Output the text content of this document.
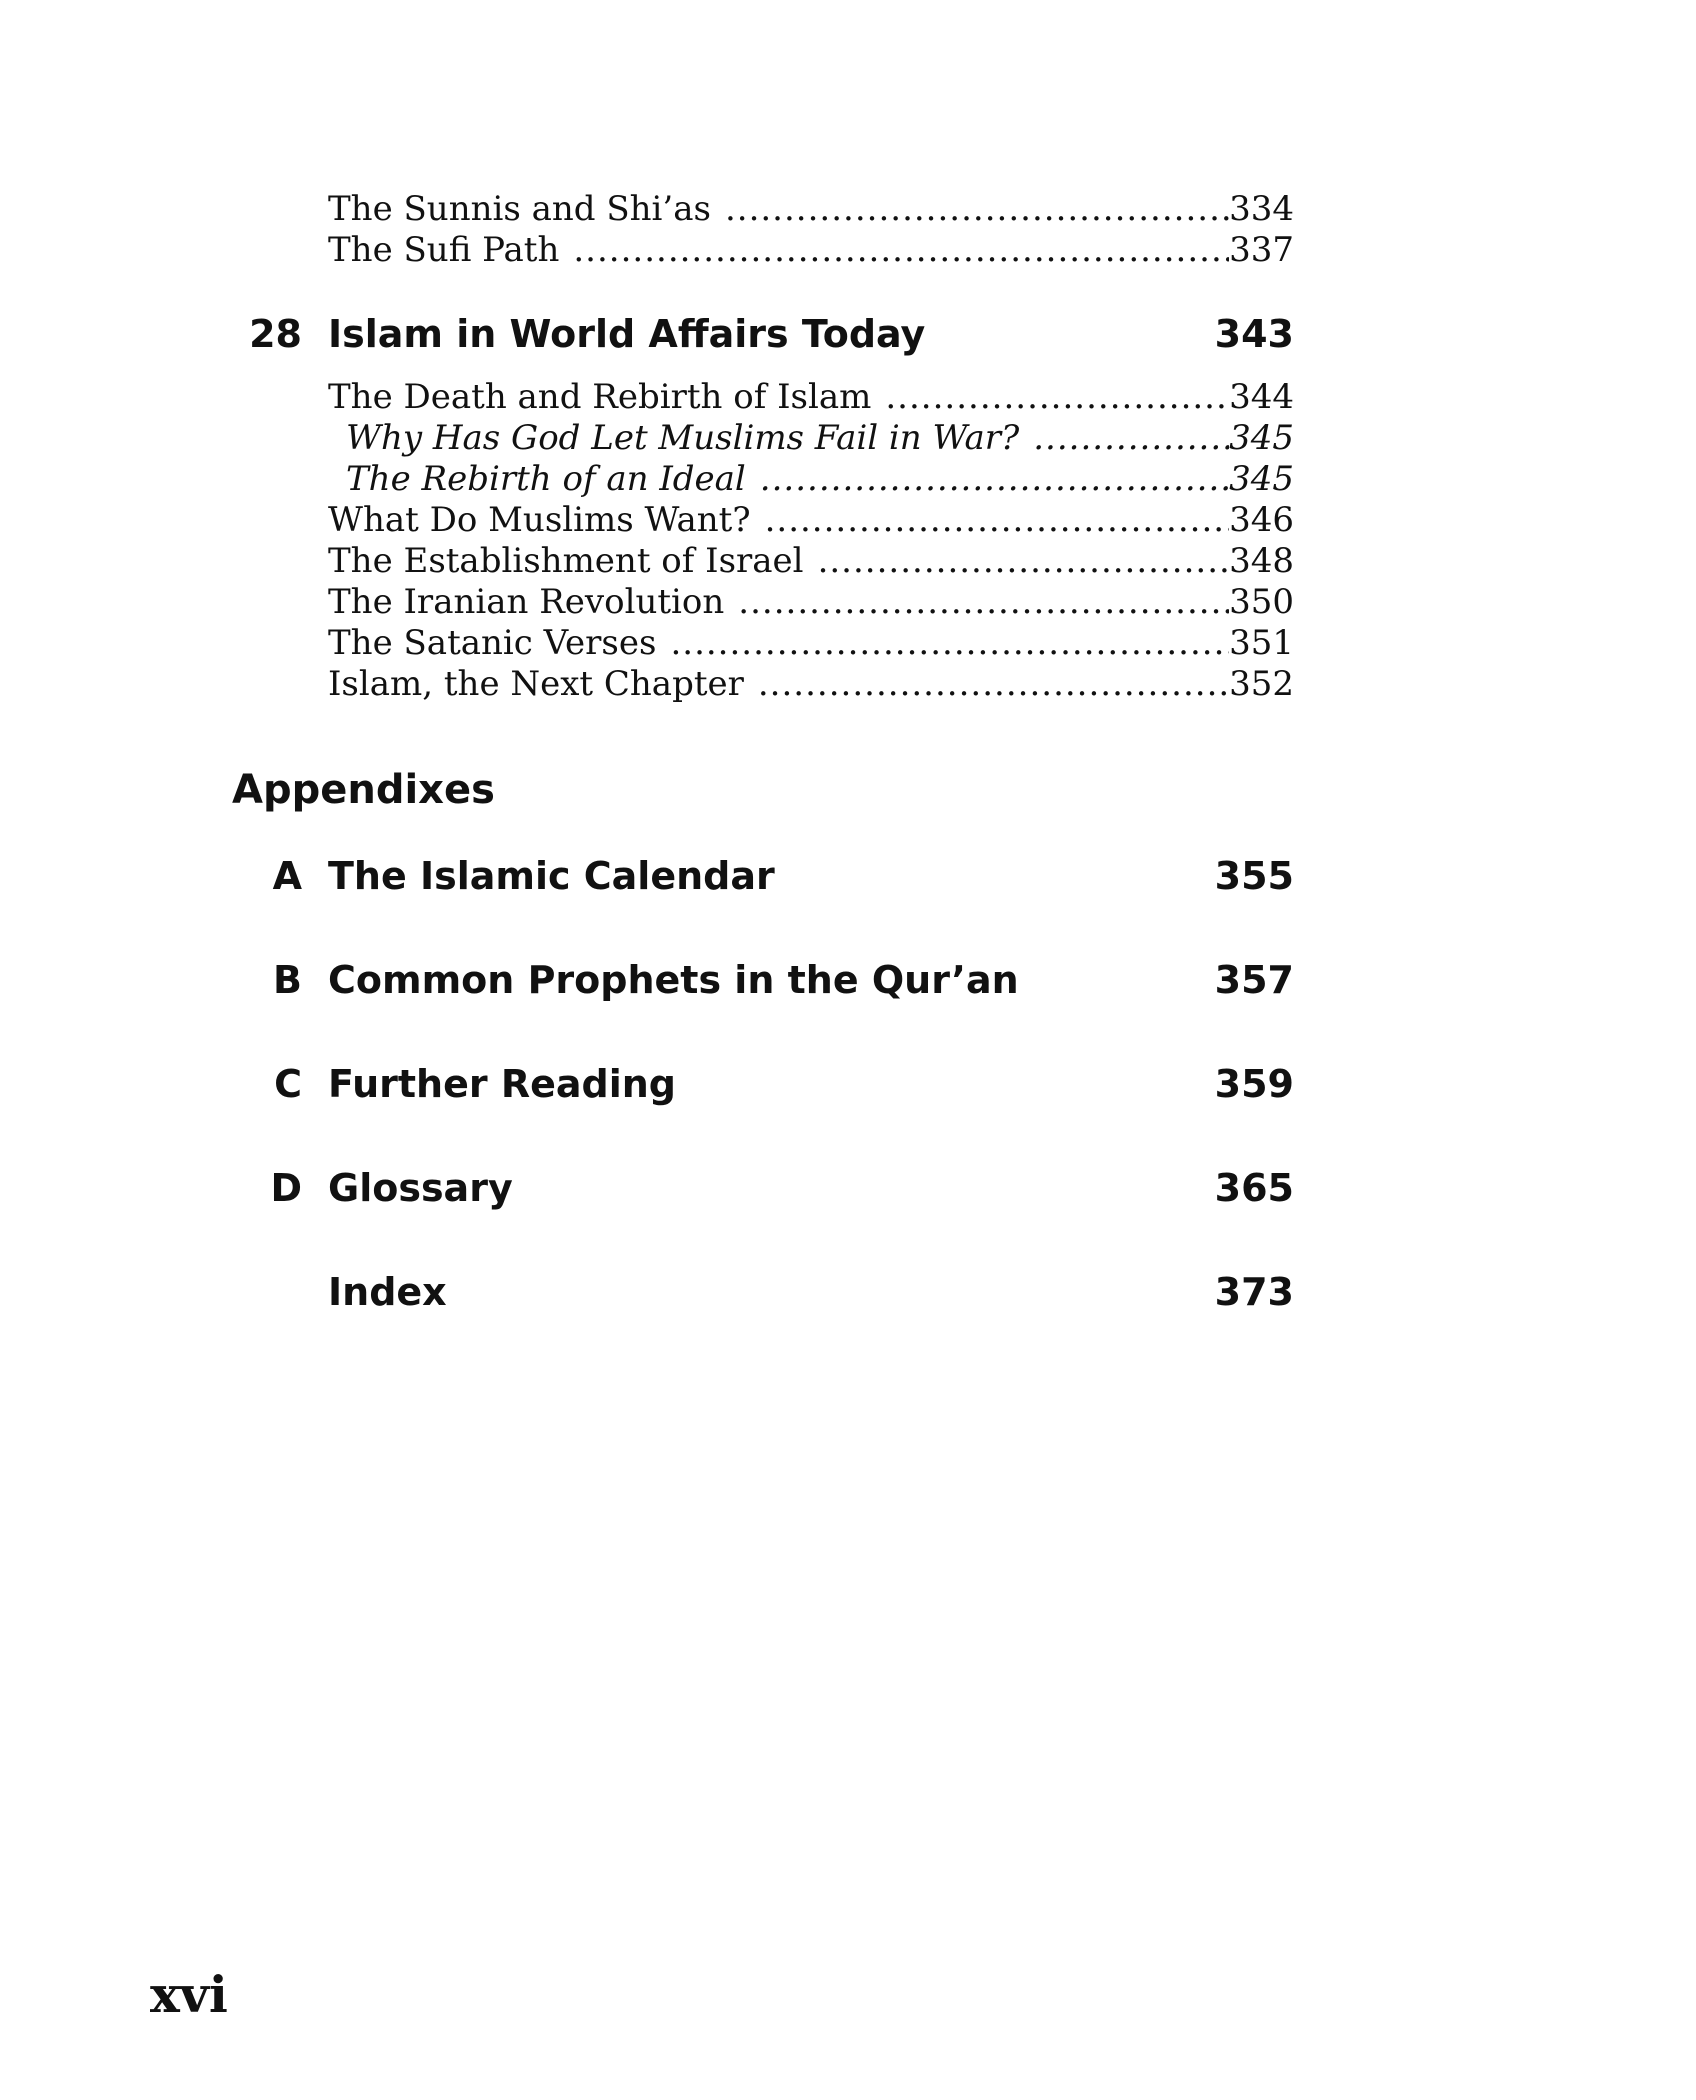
The Sunnis and Shi’as .....	334
The Sufi Path .....	337
28 Islam in World Affairs Today	343
The Death and Rebirth of Islam .....	344
Why Has God Let Muslims Fail in War? .....	345
The Rebirth of an Ideal .....	345
What Do Muslims Want? .....	346
The Establishment of Israel .....	348
The Iranian Revolution .....	350
The Satanic Verses .....	351
Islam, the Next Chapter .....	352
Appendixes
A The Islamic Calendar	355
B Common Prophets in the Qur’an	357
C Further Reading	359
D Glossary	365
Index	373
xvi
